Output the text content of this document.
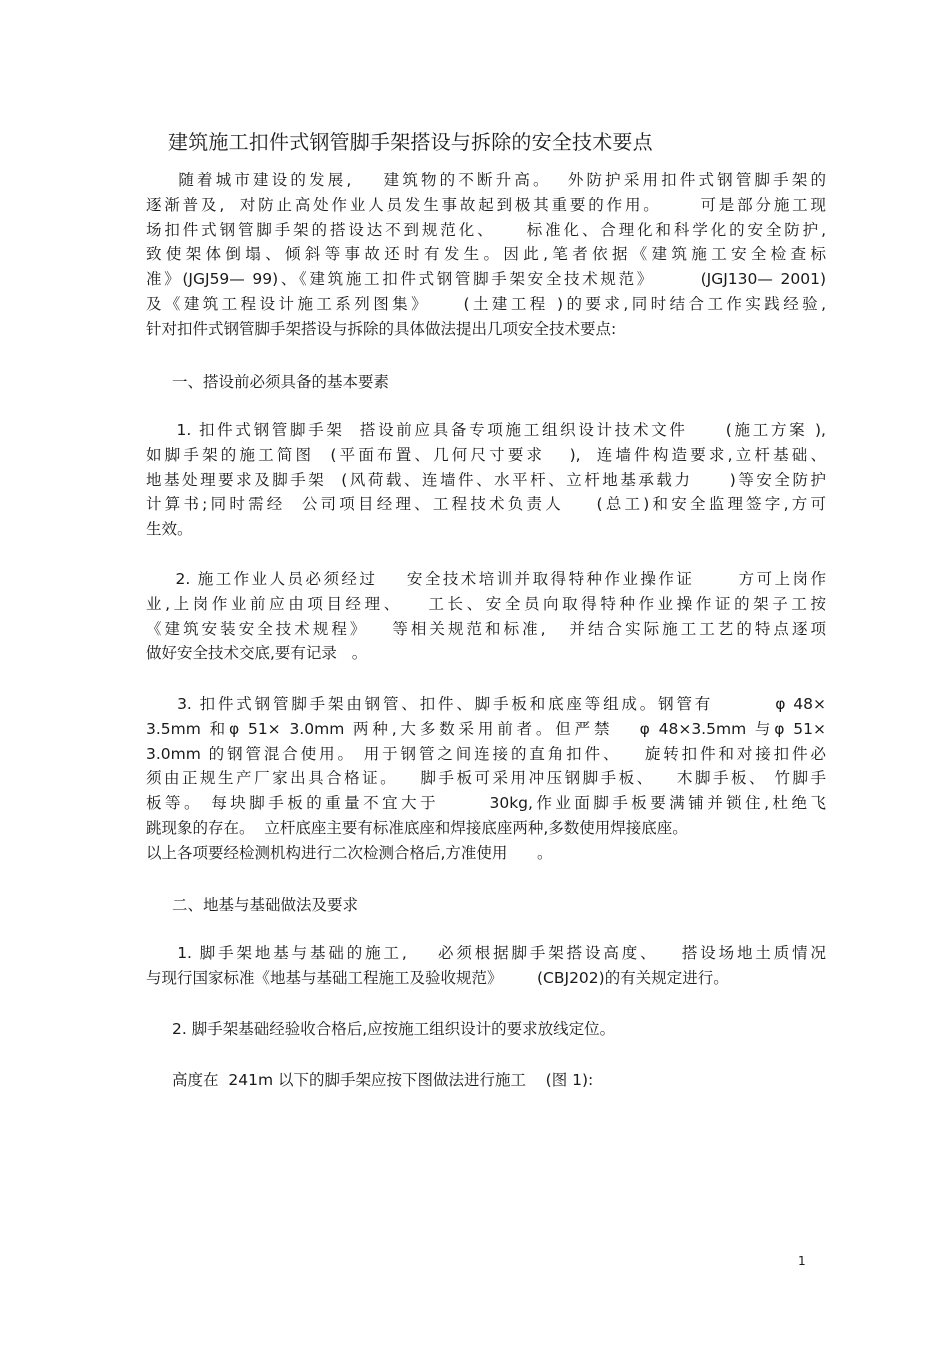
建筑施工扣件式钢管脚手架搭设与拆除的安全技术要点
随着城市建设的发展,    建筑物的不断升高。  外防护采用扣件式钢管脚手架的
逐渐普及,  对防止高处作业人员发生事故起到极其重要的作用。     可是部分施工现
场扣件式钢管脚手架的搭设达不到规范化、    标准化、合理化和科学化的安全防护,
致使架体倒塌、倾斜等事故还时有发生。因此,笔者依据《建筑施工安全检查标
准》(JGJ59— 99)、《建筑施工扣件式钢管脚手架安全技术规范》      (JGJ130— 2001)
及《建筑工程设计施工系列图集》    (土建工程 )的要求,同时结合工作实践经验,
针对扣件式钢管脚手架搭设与拆除的具体做法提出几项安全技术要点:
一、搭设前必须具备的基本要素
1. 扣件式钢管脚手架  搭设前应具备专项施工组织设计技术文件     (施工方案 ),
如脚手架的施工简图  (平面布置、几何尺寸要求   ),  连墙件构造要求,立杆基础、
地基处理要求及脚手架  (风荷载、连墙件、水平杆、立杆地基承载力     )等安全防护
计算书;同时需经  公司项目经理、工程技术负责人    (总工)和安全监理签字,方可
生效。
2. 施工作业人员必须经过    安全技术培训并取得特种作业操作证      方可上岗作
业,上岗作业前应由项目经理、   工长、安全员向取得特种作业操作证的架子工按
《建筑安装安全技术规程》   等相关规范和标准,   并结合实际施工工艺的特点逐项
做好安全技术交底,要有记录   。
3. 扣件式钢管脚手架由钢管、扣件、脚手板和底座等组成。钢管有        φ 48×
3.5mm 和φ 51× 3.0mm 两种,大多数采用前者。但严禁   φ 48×3.5mm 与φ 51×
3.0mm 的钢管混合使用。 用于钢管之间连接的直角扣件、   旋转扣件和对接扣件必
须由正规生产厂家出具合格证。   脚手板可采用冲压钢脚手板、   木脚手板、 竹脚手
板等。 每块脚手板的重量不宜大于      30kg,作业面脚手板要满铺并锁住,杜绝飞
跳现象的存在。  立杆底座主要有标准底座和焊接底座两种,多数使用焊接底座。
以上各项要经检测机构进行二次检测合格后,方准使用      。
二、地基与基础做法及要求
1. 脚手架地基与基础的施工,    必须根据脚手架搭设高度、   搭设场地土质情况
与现行国家标准《地基与基础工程施工及验收规范》       (CBJ202)的有关规定进行。
2. 脚手架基础经验收合格后,应按施工组织设计的要求放线定位。
高度在  241m 以下的脚手架应按下图做法进行施工    (图 1):
1
